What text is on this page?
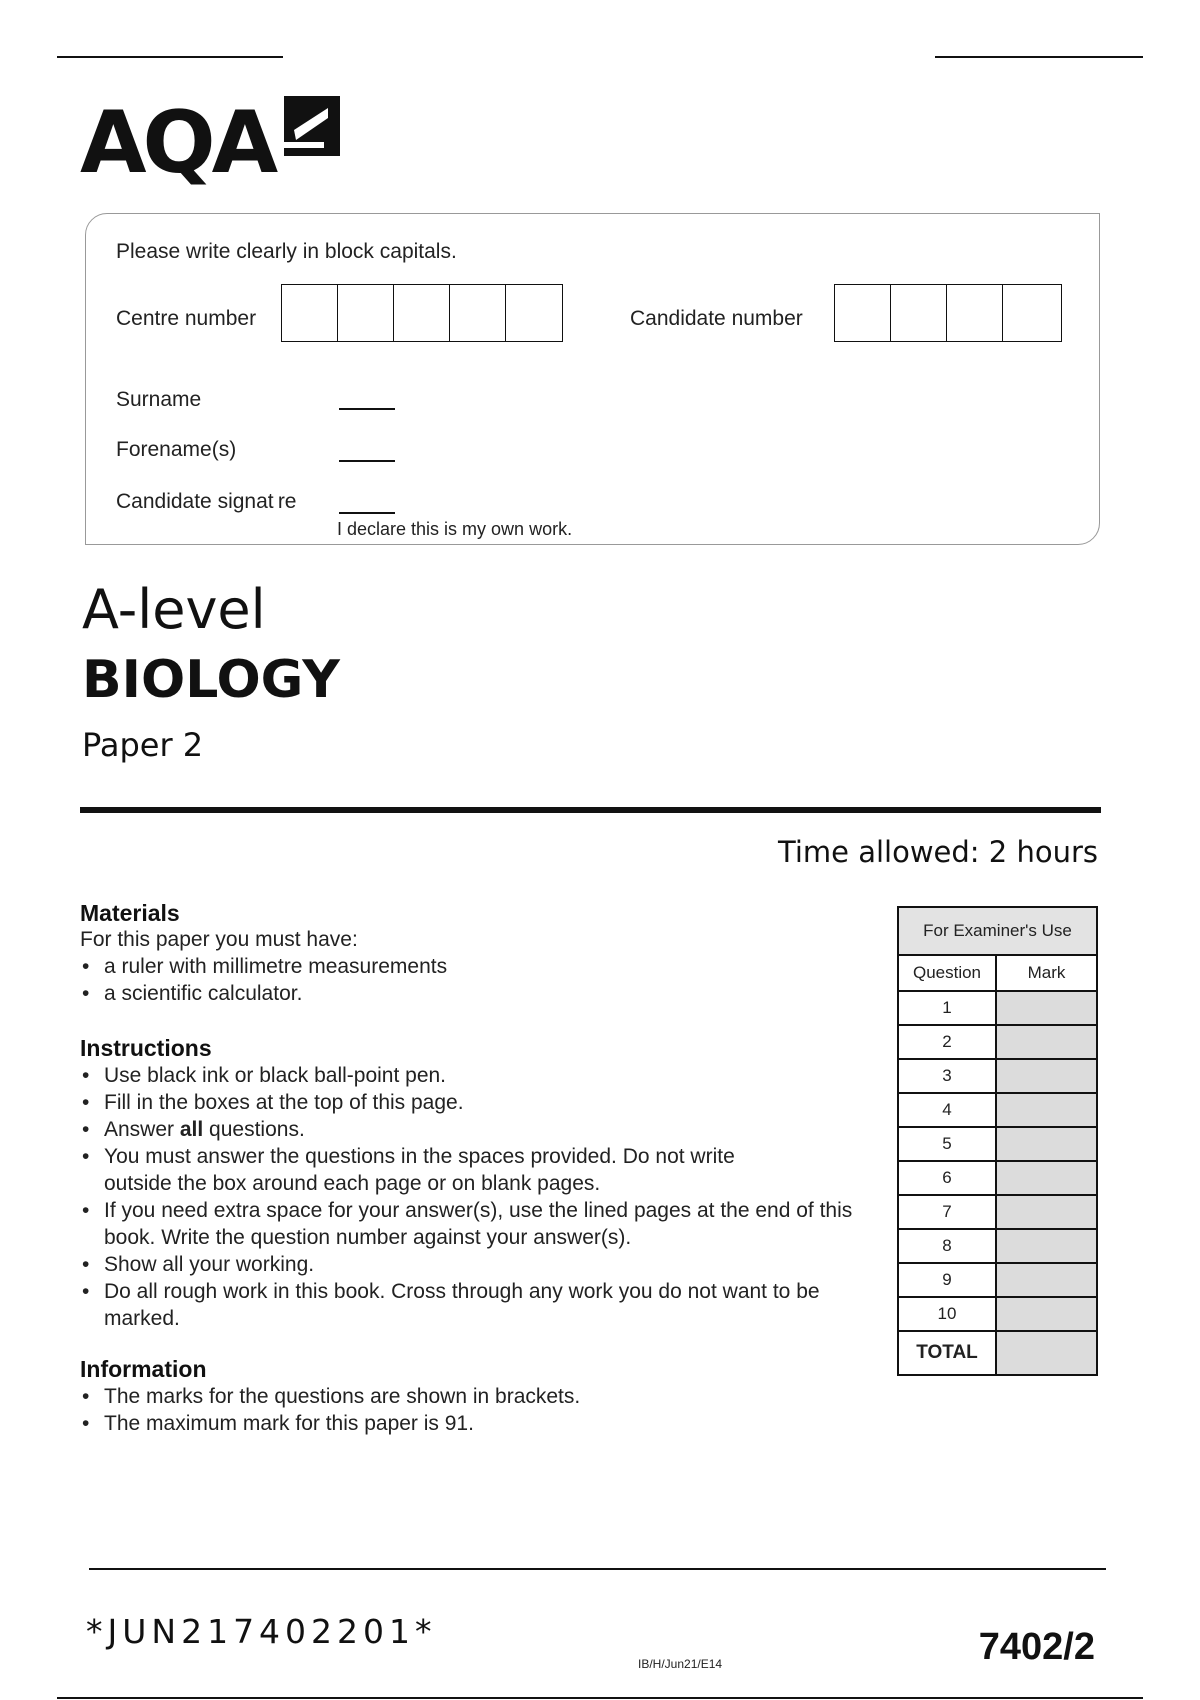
AQA
Please write clearly in block capitals.
Centre number	Candidate number
Surname
Forename(s)
Candidate signat re
I declare this is my own work.
A-level
BIOLOGY
Paper 2
Time allowed: 2 hours
Materials
For this paper you must have:
• a ruler with millimetre measurements
• a scientific calculator.
Instructions
• Use black ink or black ball-point pen.
• Fill in the boxes at the top of this page.
• Answer all questions.
• You must answer the questions in the spaces provided. Do not write outside the box around each page or on blank pages.
• If you need extra space for your answer(s), use the lined pages at the end of this book. Write the question number against your answer(s).
• Show all your working.
• Do all rough work in this book. Cross through any work you do not want to be marked.
Information
• The marks for the questions are shown in brackets.
• The maximum mark for this paper is 91.
For Examiner's Use	
Question	Mark
1	
2	
3	
4	
5	
6	
7	
8	
9	
10	
TOTAL	
*JUN217402201*
IB/H/Jun21/E14	7402/2
